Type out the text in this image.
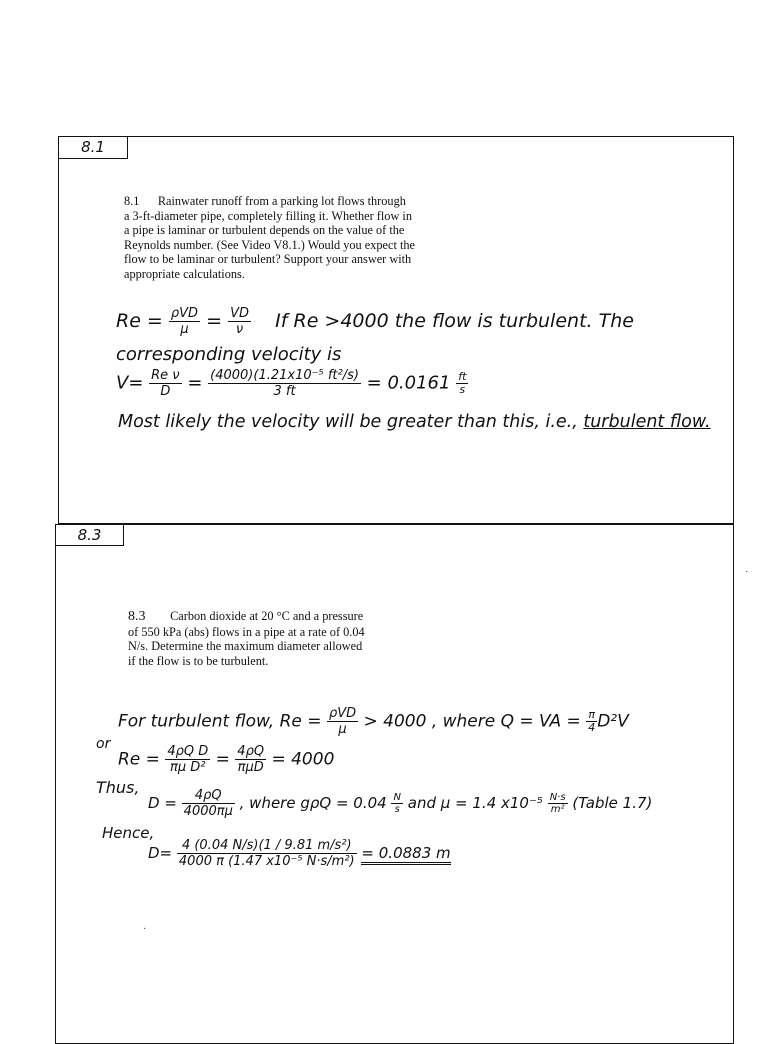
8.1
8.1 Rainwater runoff from a parking lot flows through
a 3-ft-diameter pipe, completely filling it. Whether flow in
a pipe is laminar or turbulent depends on the value of the
Reynolds number. (See Video V8.1.) Would you expect the
flow to be laminar or turbulent? Support your answer with
appropriate calculations.
$Re = \frac{\text{ρVD}}{\mu} = \frac{VD}{\nu}$ If Re >4000 the flow is turbulent. The
corresponding velocity is
$V= \frac{\text{Re ν}}{D} = \frac{\text{(4000)(1.21x10⁻⁵ ft²/s)}}{3 ft} = 0.0161 \frac{ft}{s}$
Most likely the velocity will be greater than this, i.e., turbulent flow.
8.3
·
·
8.3 Carbon dioxide at 20 °C and a pressure
of 550 kPa (abs) flows in a pipe at a rate of 0.04
N/s. Determine the maximum diameter allowed
if the flow is to be turbulent.
For turbulent flow, $Re = \frac{\text{ρVD}}{\mu} > 4000$ , where Q = VA = $\frac{\pi}{4} D^2V$
or
$Re = \frac{\text{4ρQ D}}{\text{πμ D²}} = \frac{4\rho Q}{\text{πμD}} = 4000$
Thus,
$D = \frac{4\rho Q}{4000\pi\mu}$ , where $g\rho Q = 0.04 \frac{N}{s}$ and μ = 1.4 $x10^{-5} \frac{N\cdot s}{\text{m²}}$ (Table 1.7)
Hence,
$D= \frac{\text{4 (0.04 N/s)(1 / 9.81 m/s²)}}{\text{4000 π (1.47 x10⁻⁵ N·s/m²)}} = 0.0883$ m
